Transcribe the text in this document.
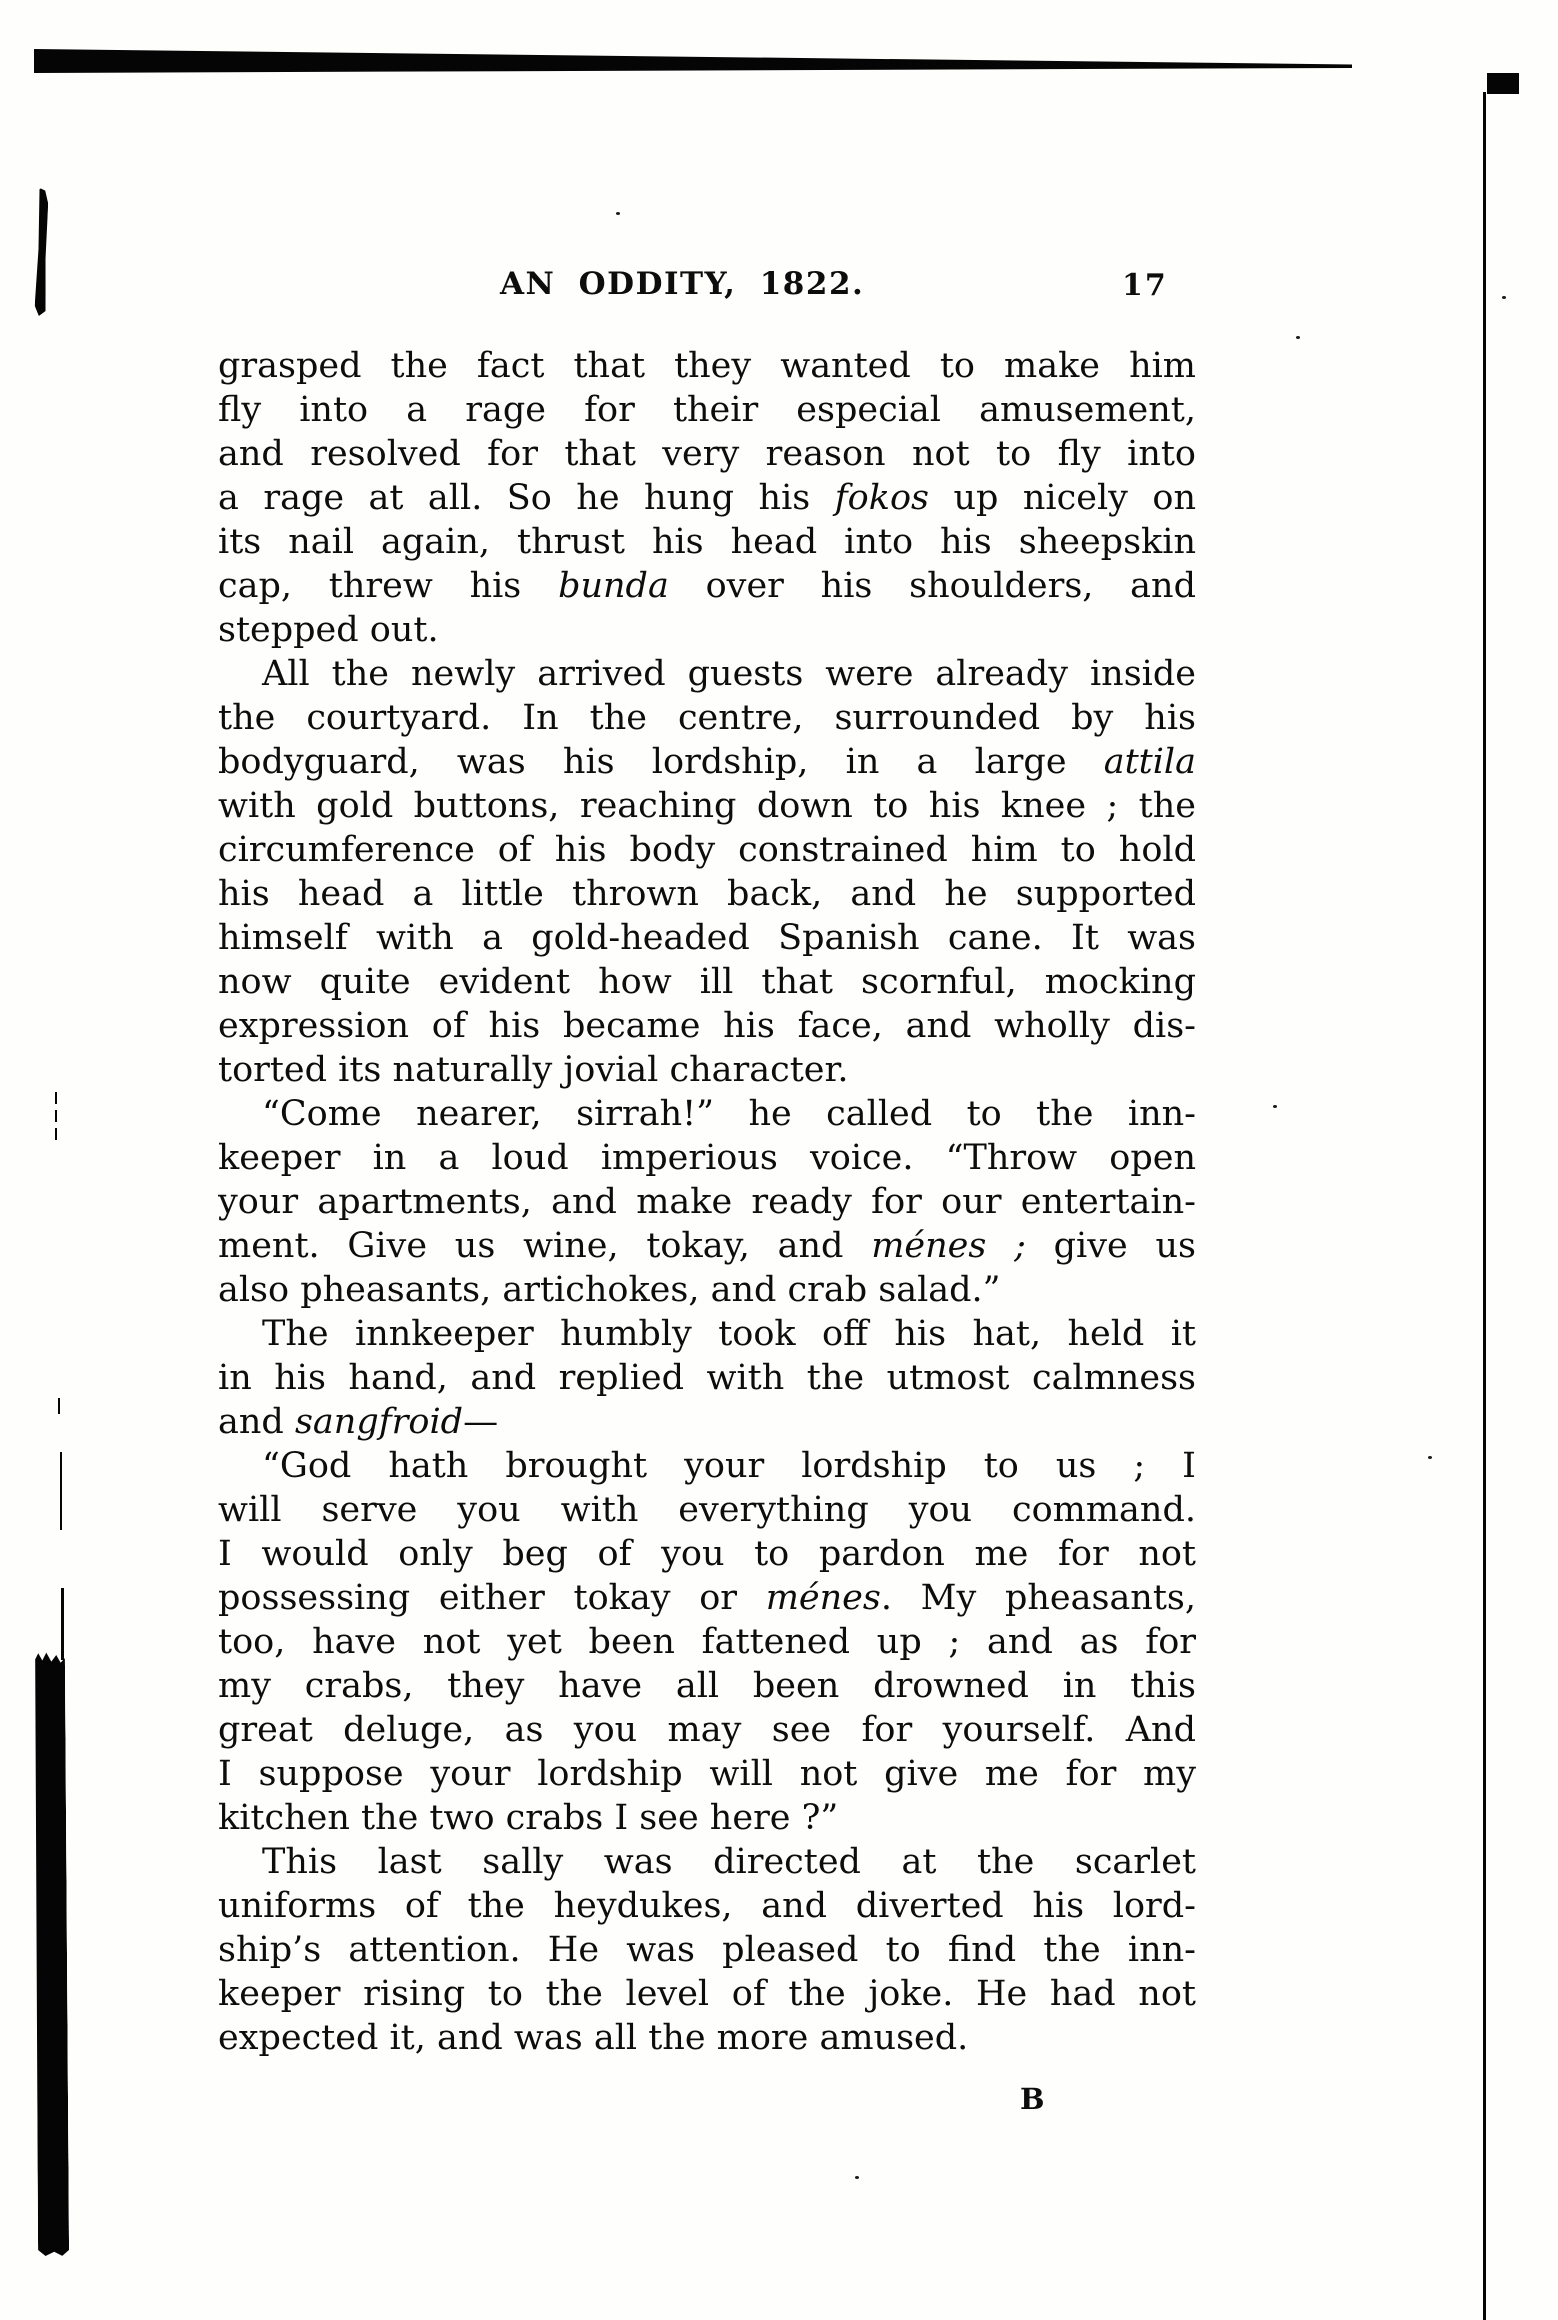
AN ODDITY, 1822.	17
grasped the fact that they wanted to make him
fly into a rage for their especial amusement,
and resolved for that very reason not to fly into
a rage at all. So he hung his fokos up nicely on
its nail again, thrust his head into his sheepskin
cap, threw his bunda over his shoulders, and
stepped out.
All the newly arrived guests were already inside
the courtyard. In the centre, surrounded by his
bodyguard, was his lordship, in a large attila
with gold buttons, reaching down to his knee ; the
circumference of his body constrained him to hold
his head a little thrown back, and he supported
himself with a gold-headed Spanish cane. It was
now quite evident how ill that scornful, mocking
expression of his became his face, and wholly dis-
torted its naturally jovial character.
“Come nearer, sirrah!” he called to the inn-
keeper in a loud imperious voice. “Throw open
your apartments, and make ready for our entertain-
ment. Give us wine, tokay, and ménes ; give us
also pheasants, artichokes, and crab salad.”
The innkeeper humbly took off his hat, held it
in his hand, and replied with the utmost calmness
and sangfroid—
“God hath brought your lordship to us ; I
will serve you with everything you command.
I would only beg of you to pardon me for not
possessing either tokay or ménes. My pheasants,
too, have not yet been fattened up ; and as for
my crabs, they have all been drowned in this
great deluge, as you may see for yourself. And
I suppose your lordship will not give me for my
kitchen the two crabs I see here ?”
This last sally was directed at the scarlet
uniforms of the heydukes, and diverted his lord-
ship’s attention. He was pleased to find the inn-
keeper rising to the level of the joke. He had not
expected it, and was all the more amused.
B
